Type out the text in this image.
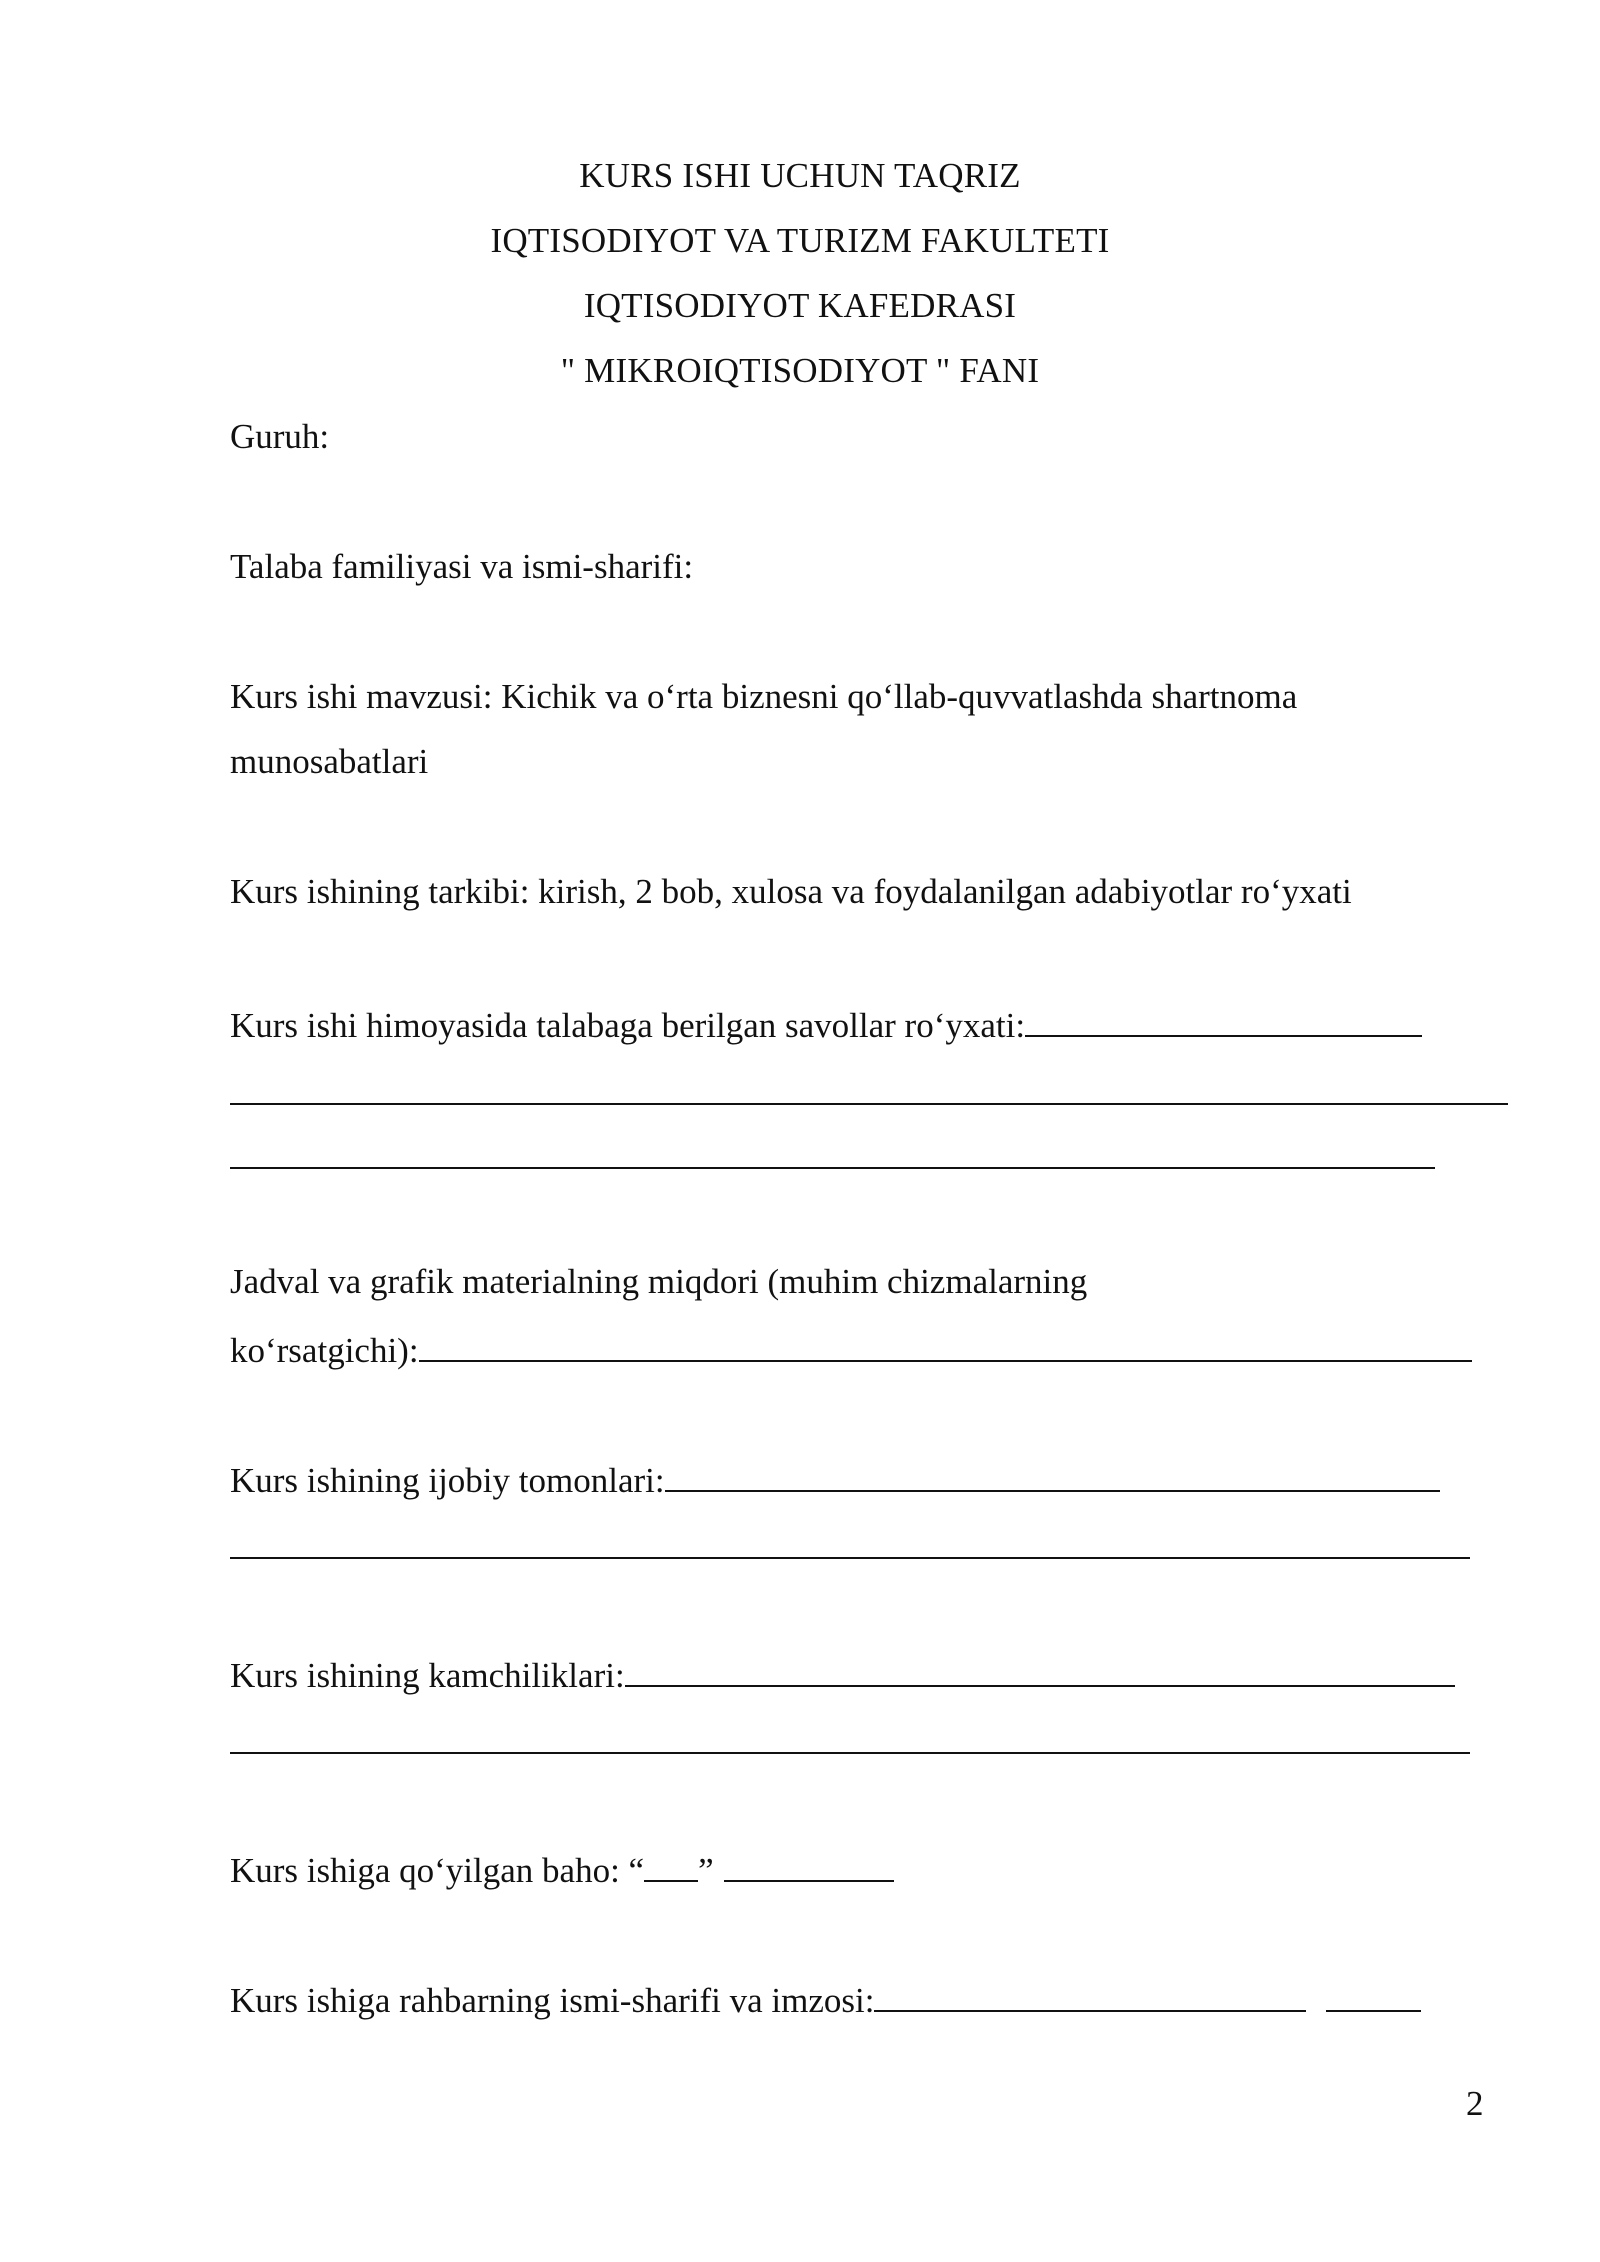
KURS ISHI UCHUN TAQRIZ
IQTISODIYOT VA TURIZM FAKULTETI
IQTISODIYOT KAFEDRASI
" MIKROIQTISODIYOT " FANI
Guruh:
Talaba familiyasi va ismi-sharifi:
Kurs ishi mavzusi: Kichik va o‘rta biznesni qo‘llab-quvvatlashda shartnoma
munosabatlari
Kurs ishining tarkibi: kirish, 2 bob, xulosa va foydalanilgan adabiyotlar ro‘yxati
Kurs ishi himoyasida talabaga berilgan savollar ro‘yxati:
Jadval va grafik materialning miqdori (muhim chizmalarning
ko‘rsatgichi):
Kurs ishining ijobiy tomonlari:
Kurs ishining kamchiliklari:
Kurs ishiga qo‘yilgan baho: “ ”
Kurs ishiga rahbarning ismi-sharifi va imzosi:
2
